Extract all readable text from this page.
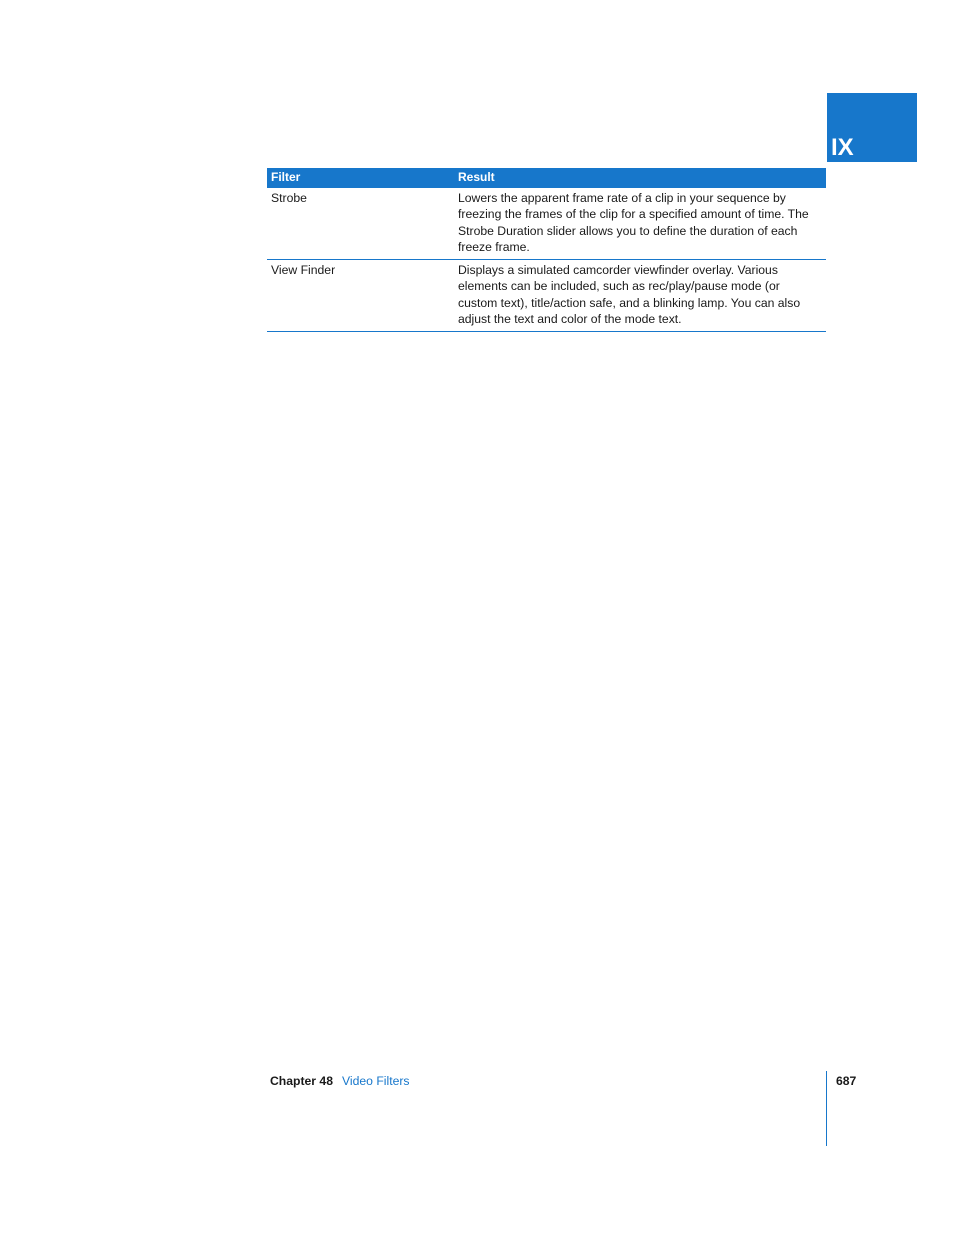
IX
Filter	Result
Strobe	Lowers the apparent frame rate of a clip in your sequence by freezing the frames of the clip for a specified amount of time. The Strobe Duration slider allows you to define the duration of each freeze frame.
View Finder	Displays a simulated camcorder viewfinder overlay. Various elements can be included, such as rec/play/pause mode (or custom text), title/action safe, and a blinking lamp. You can also adjust the text and color of the mode text.
Chapter 48 Video Filters	687
